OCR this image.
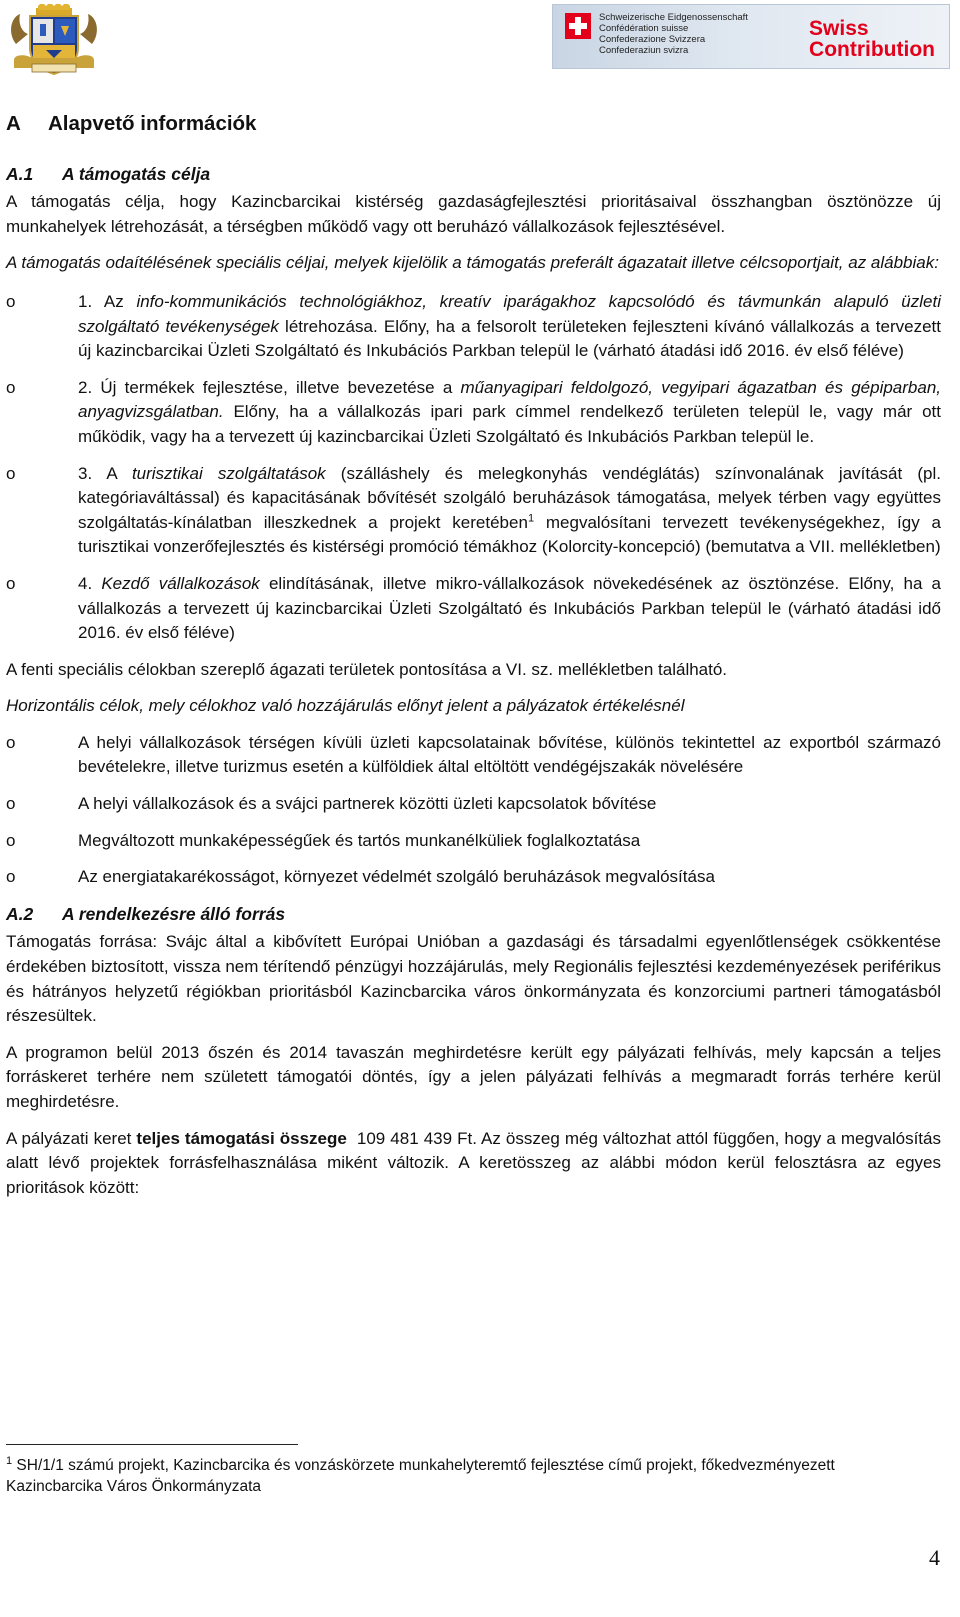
Schweizerische Eidgenossenschaft
Confédération suisse
Confederazione Svizzera
Confederaziun svizra
Swiss
Contribution
A Alapvető információk
A.1 A támogatás célja

A támogatás célja, hogy Kazincbarcikai kistérség gazdaságfejlesztési prioritásaival összhangban ösztönözze új munkahelyek létrehozását, a térségben működő vagy ott beruházó vállalkozások fejlesztésével.

A támogatás odaítélésének speciális céljai, melyek kijelölik a támogatás preferált ágazatait illetve célcsoportjait, az alábbiak:

o	1. Az info-kommunikációs technológiákhoz, kreatív iparágakhoz kapcsolódó és távmunkán alapuló üzleti szolgáltató tevékenységek létrehozása. Előny, ha a felsorolt területeken fejleszteni kívánó vállalkozás a tervezett új kazincbarcikai Üzleti Szolgáltató és Inkubációs Parkban települ le (várható átadási idő 2016. év első féléve)
o	2. Új termékek fejlesztése, illetve bevezetése a műanyagipari feldolgozó, vegyipari ágazatban és gépiparban, anyagvizsgálatban. Előny, ha a vállalkozás ipari park címmel rendelkező területen települ le, vagy már ott működik, vagy ha a tervezett új kazincbarcikai Üzleti Szolgáltató és Inkubációs Parkban települ le.
o	3. A turisztikai szolgáltatások (szálláshely és melegkonyhás vendéglátás) színvonalának javítását (pl. kategóriaváltással) és kapacitásának bővítését szolgáló beruházások támogatása, melyek térben vagy együttes szolgáltatás-kínálatban illeszkednek a projekt keretében$^1$ megvalósítani tervezett tevékenységekhez, így a turisztikai vonzerőfejlesztés és kistérségi promóció témákhoz (Kolorcity-koncepció) (bemutatva a VII. mellékletben)
o	4. Kezdő vállalkozások elindításának, illetve mikro-vállalkozások növekedésének az ösztönzése. Előny, ha a vállalkozás a tervezett új kazincbarcikai Üzleti Szolgáltató és Inkubációs Parkban települ le (várható átadási idő 2016. év első féléve)

A fenti speciális célokban szereplő ágazati területek pontosítása a VI. sz. mellékletben található.

Horizontális célok, mely célokhoz való hozzájárulás előnyt jelent a pályázatok értékelésnél

o	A helyi vállalkozások térségen kívüli üzleti kapcsolatainak bővítése, különös tekintettel az exportból származó bevételekre, illetve turizmus esetén a külföldiek által eltöltött vendégéjszakák növelésére
o	A helyi vállalkozások és a svájci partnerek közötti üzleti kapcsolatok bővítése
o	Megváltozott munkaképességűek és tartós munkanélküliek foglalkoztatása
o	Az energiatakarékosságot, környezet védelmét szolgáló beruházások megvalósítása
A.2 A rendelkezésre álló forrás

Támogatás forrása: Svájc által a kibővített Európai Unióban a gazdasági és társadalmi egyenlőtlenségek csökkentése érdekében biztosított, vissza nem térítendő pénzügyi hozzájárulás, mely Regionális fejlesztési kezdeményezések periférikus és hátrányos helyzetű régiókban prioritásból Kazincbarcika város önkormányzata és konzorciumi partneri támogatásból részesültek.

A programon belül 2013 őszén és 2014 tavaszán meghirdetésre került egy pályázati felhívás, mely kapcsán a teljes forráskeret terhére nem született támogatói döntés, így a jelen pályázati felhívás a megmaradt forrás terhére kerül meghirdetésre.

A pályázati keret teljes támogatási összege  109 481 439 Ft. Az összeg még változhat attól függően, hogy a megvalósítás alatt lévő projektek forrásfelhasználása miként változik. A keretösszeg az alábbi módon kerül felosztásra az egyes prioritások között:

$^1$ SH/1/1 számú projekt, Kazincbarcika és vonzáskörzete munkahelyteremtő fejlesztése című projekt, főkedvezményezett Kazincbarcika Város Önkormányzata
4
